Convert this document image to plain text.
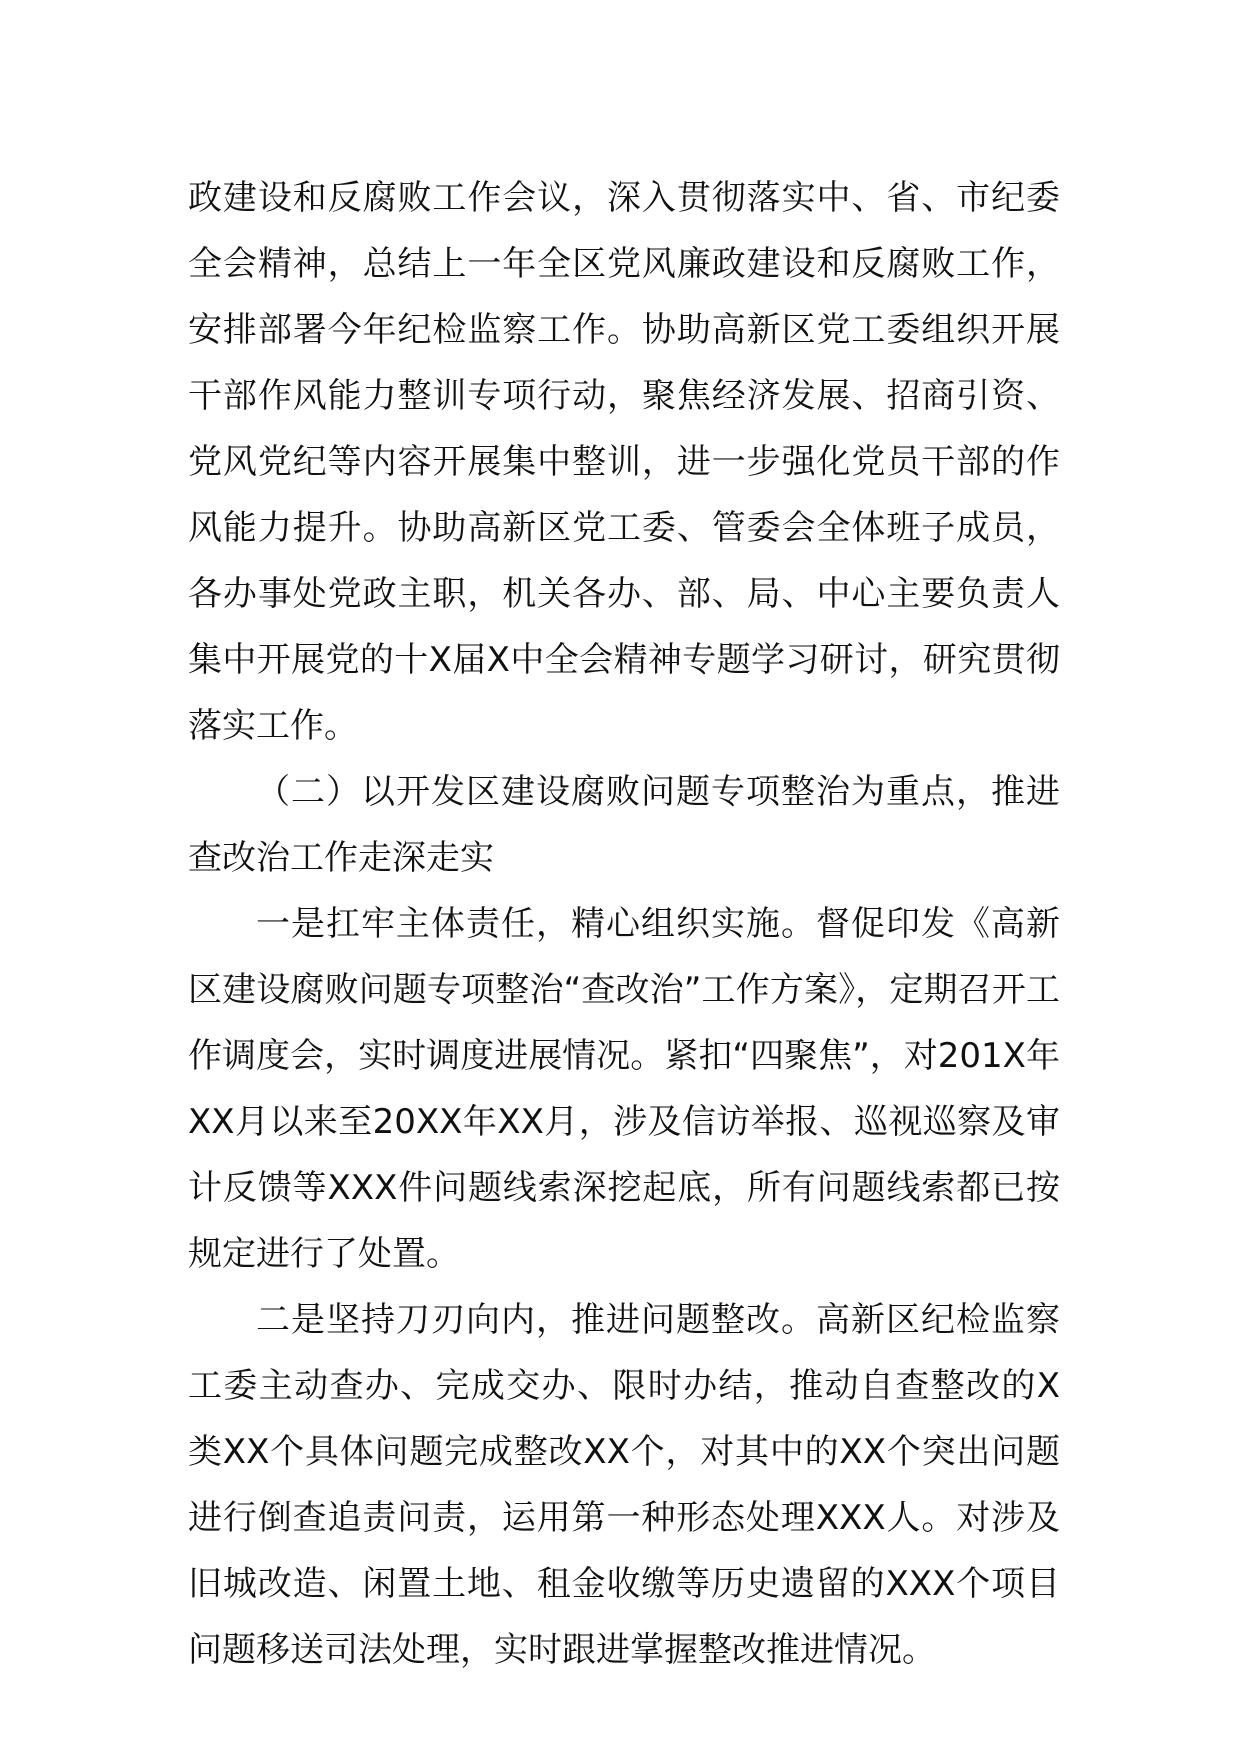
政建设和反腐败工作会议，深入贯彻落实中、省、市纪委全会精神，总结上一年全区党风廉政建设和反腐败工作，安排部署今年纪检监察工作。协助高新区党工委组织开展干部作风能力整训专项行动，聚焦经济发展、招商引资、党风党纪等内容开展集中整训，进一步强化党员干部的作风能力提升。协助高新区党工委、管委会全体班子成员，各办事处党政主职，机关各办、部、局、中心主要负责人集中开展党的十X届X中全会精神专题学习研讨，研究贯彻落实工作。

（二）以开发区建设腐败问题专项整治为重点，推进查改治工作走深走实

一是扛牢主体责任，精心组织实施。督促印发《高新区建设腐败问题专项整治“查改治”工作方案》，定期召开工作调度会，实时调度进展情况。紧扣“四聚焦”，对201X年XX月以来至20XX年XX月，涉及信访举报、巡视巡察及审计反馈等XXX件问题线索深挖起底，所有问题线索都已按规定进行了处置。

二是坚持刀刃向内，推进问题整改。高新区纪检监察工委主动查办、完成交办、限时办结，推动自查整改的X类XX个具体问题完成整改XX个，对其中的XX个突出问题进行倒查追责问责，运用第一种形态处理XXX人。对涉及旧城改造、闲置土地、租金收缴等历史遗留的XXX个项目问题移送司法处理，实时跟进掌握整改推进情况。
